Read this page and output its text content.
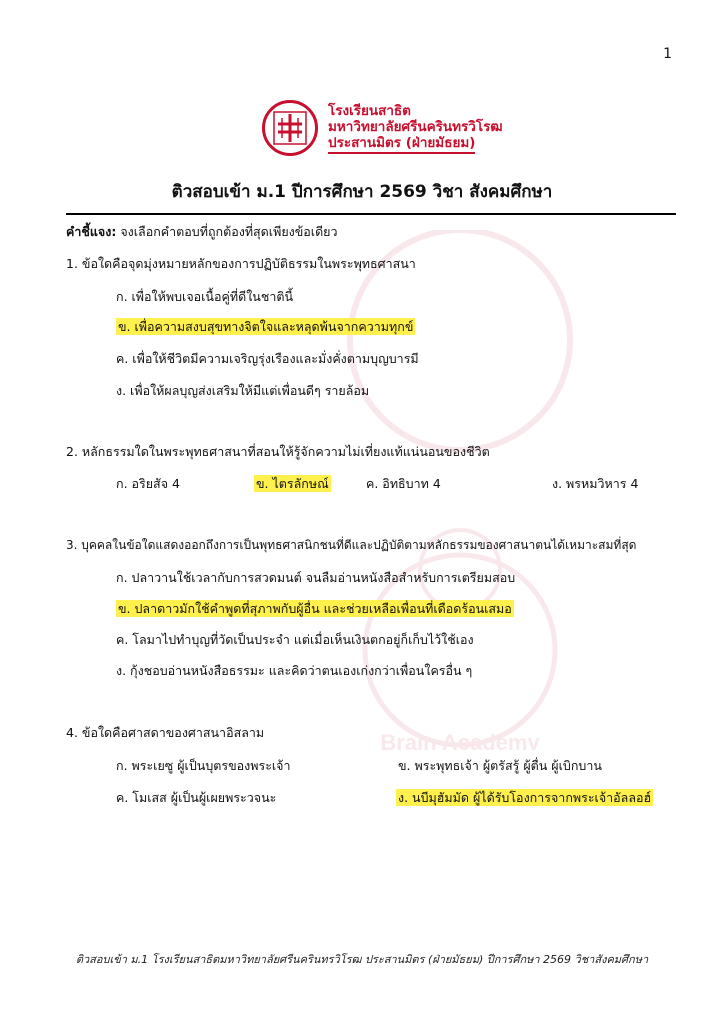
1
โรงเรียนสาธิต
มหาวิทยาลัยศรีนครินทรวิโรฒ
ประสานมิตร (ฝ่ายมัธยม)
ติวสอบเข้า ม.1 ปีการศึกษา 2569 วิชา สังคมศึกษา
Brain Academy
คำชี้แจง: จงเลือกคำตอบที่ถูกต้องที่สุดเพียงข้อเดียว
1. ข้อใดคือจุดมุ่งหมายหลักของการปฏิบัติธรรมในพระพุทธศาสนา
ก. เพื่อให้พบเจอเนื้อคู่ที่ดีในชาตินี้
ข. เพื่อความสงบสุขทางจิตใจและหลุดพ้นจากความทุกข์
ค. เพื่อให้ชีวิตมีความเจริญรุ่งเรืองและมั่งคั่งตามบุญบารมี
ง. เพื่อให้ผลบุญส่งเสริมให้มีแต่เพื่อนดีๆ รายล้อม
2. หลักธรรมใดในพระพุทธศาสนาที่สอนให้รู้จักความไม่เที่ยงแท้แน่นอนของชีวิต
ก. อริยสัจ 4	ข. ไตรลักษณ์	ค. อิทธิบาท 4	ง. พรหมวิหาร 4
3. บุคคลในข้อใดแสดงออกถึงการเป็นพุทธศาสนิกชนที่ดีและปฏิบัติตามหลักธรรมของศาสนาตนได้เหมาะสมที่สุด
ก. ปลาวานใช้เวลากับการสวดมนต์ จนลืมอ่านหนังสือสำหรับการเตรียมสอบ
ข. ปลาดาวมักใช้คำพูดที่สุภาพกับผู้อื่น และช่วยเหลือเพื่อนที่เดือดร้อนเสมอ
ค. โลมาไปทำบุญที่วัดเป็นประจำ แต่เมื่อเห็นเงินตกอยู่ก็เก็บไว้ใช้เอง
ง. กุ้งชอบอ่านหนังสือธรรมะ และคิดว่าตนเองเก่งกว่าเพื่อนใครอื่น ๆ
4. ข้อใดคือศาสดาของศาสนาอิสลาม
ก. พระเยซู ผู้เป็นบุตรของพระเจ้า	ข. พระพุทธเจ้า ผู้ตรัสรู้ ผู้ตื่น ผู้เบิกบาน
ค. โมเสส ผู้เป็นผู้เผยพระวจนะ	ง. นบีมุฮัมมัด ผู้ได้รับโองการจากพระเจ้าอัลลอฮ์
ติวสอบเข้า ม.1 โรงเรียนสาธิตมหาวิทยาลัยศรีนครินทรวิโรฒ ประสานมิตร (ฝ่ายมัธยม) ปีการศึกษา 2569 วิชาสังคมศึกษา
